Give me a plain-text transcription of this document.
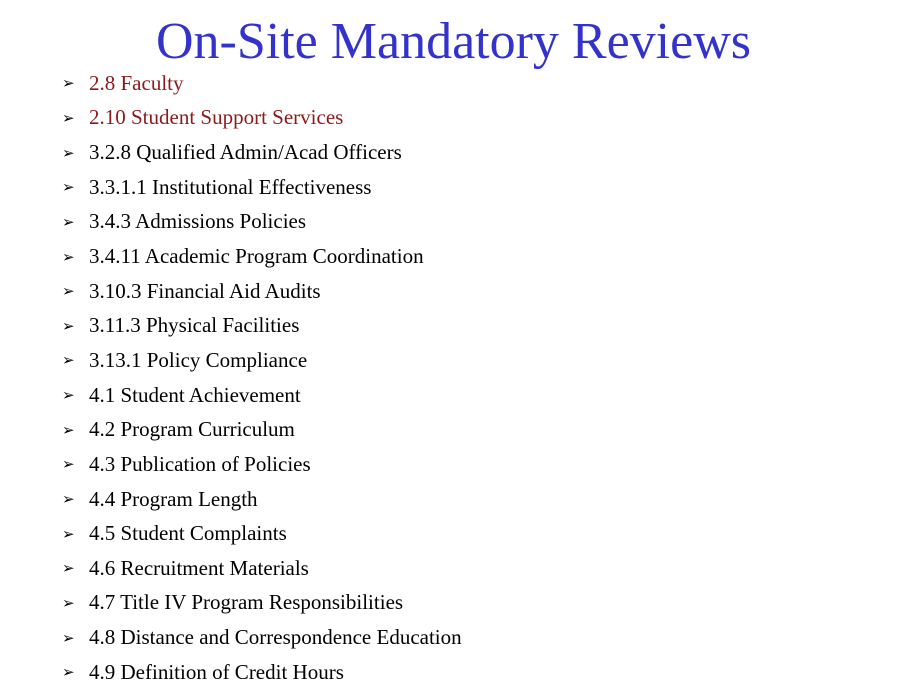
On-Site Mandatory Reviews
➢ 2.8 Faculty
➢ 2.10 Student Support Services
➢ 3.2.8 Qualified Admin/Acad Officers
➢ 3.3.1.1 Institutional Effectiveness
➢ 3.4.3 Admissions Policies
➢ 3.4.11 Academic Program Coordination
➢ 3.10.3 Financial Aid Audits
➢ 3.11.3 Physical Facilities
➢ 3.13.1 Policy Compliance
➢ 4.1 Student Achievement
➢ 4.2 Program Curriculum
➢ 4.3 Publication of Policies
➢ 4.4 Program Length
➢ 4.5 Student Complaints
➢ 4.6 Recruitment Materials
➢ 4.7 Title IV Program Responsibilities
➢ 4.8 Distance and Correspondence Education
➢ 4.9 Definition of Credit Hours
